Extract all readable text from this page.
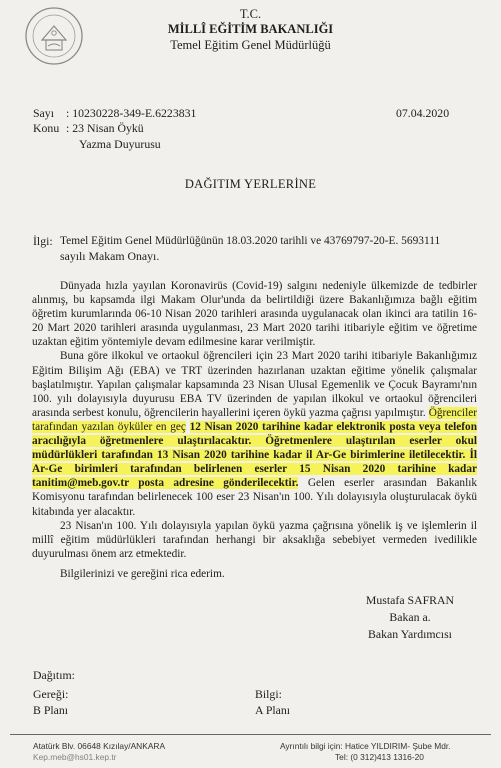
T.C.
MİLLÎ EĞİTİM BAKANLIĞI
Temel Eğitim Genel Müdürlüğü
Sayı : 10230228-349-E.6223831	07.04.2020
Konu : 23 Nisan Öykü
Yazma Duyurusu
DAĞITIM YERLERİNE
İlgi: Temel Eğitim Genel Müdürlüğünün 18.03.2020 tarihli ve 43769797-20-E. 5693111
sayılı Makam Onayı.

Dünyada hızla yayılan Koronavirüs (Covid-19) salgını nedeniyle ülkemizde de tedbirler alınmış, bu kapsamda ilgi Makam Olur'unda da belirtildiği üzere Bakanlığımıza bağlı eğitim öğretim kurumlarında 06-10 Nisan 2020 tarihleri arasında uygulanacak olan ikinci ara tatilin 16-20 Mart 2020 tarihleri arasında uygulanması, 23 Mart 2020 tarihi itibariyle eğitim ve öğretime uzaktan eğitim yöntemiyle devam edilmesine karar verilmiştir.

Buna göre ilkokul ve ortaokul öğrencileri için 23 Mart 2020 tarihi itibariyle Bakanlığımız Eğitim Bilişim Ağı (EBA) ve TRT üzerinden hazırlanan uzaktan eğitime yönelik çalışmalar başlatılmıştır. Yapılan çalışmalar kapsamında 23 Nisan Ulusal Egemenlik ve Çocuk Bayramı'nın 100. yılı dolayısıyla duyurusu EBA TV üzerinden de yapılan ilkokul ve ortaokul öğrencileri arasında serbest konulu, öğrencilerin hayallerini içeren öykü yazma çağrısı yapılmıştır. Öğrenciler tarafından yazılan öyküler en geç 12 Nisan 2020 tarihine kadar elektronik posta veya telefon aracılığıyla öğretmenlere ulaştırılacaktır. Öğretmenlere ulaştırılan eserler okul müdürlükleri tarafından 13 Nisan 2020 tarihine kadar il Ar-Ge birimlerine iletilecektir. İl Ar-Ge birimleri tarafından belirlenen eserler 15 Nisan 2020 tarihine kadar tanitim@meb.gov.tr posta adresine gönderilecektir. Gelen eserler arasından Bakanlık Komisyonu tarafından belirlenecek 100 eser 23 Nisan'ın 100. Yılı dolayısıyla oluşturulacak öykü kitabında yer alacaktır.

23 Nisan'ın 100. Yılı dolayısıyla yapılan öykü yazma çağrısına yönelik iş ve işlemlerin il millî eğitim müdürlükleri tarafından herhangi bir aksaklığa sebebiyet vermeden ivedilikle duyurulması önem arz etmektedir.

Bilgilerinizi ve gereğini rica ederim.

Mustafa SAFRAN
Bakan a.
Bakan Yardımcısı
Dağıtım:
Gereği:
B Planı
Bilgi:
A Planı
Atatürk Blv. 06648 Kızılay/ANKARA
Kep.meb@hs01.kep.tr
Ayrıntılı bilgi için: Hatice YILDIRIM- Şube Mdr.
Tel: (0 312)413 1316-20
